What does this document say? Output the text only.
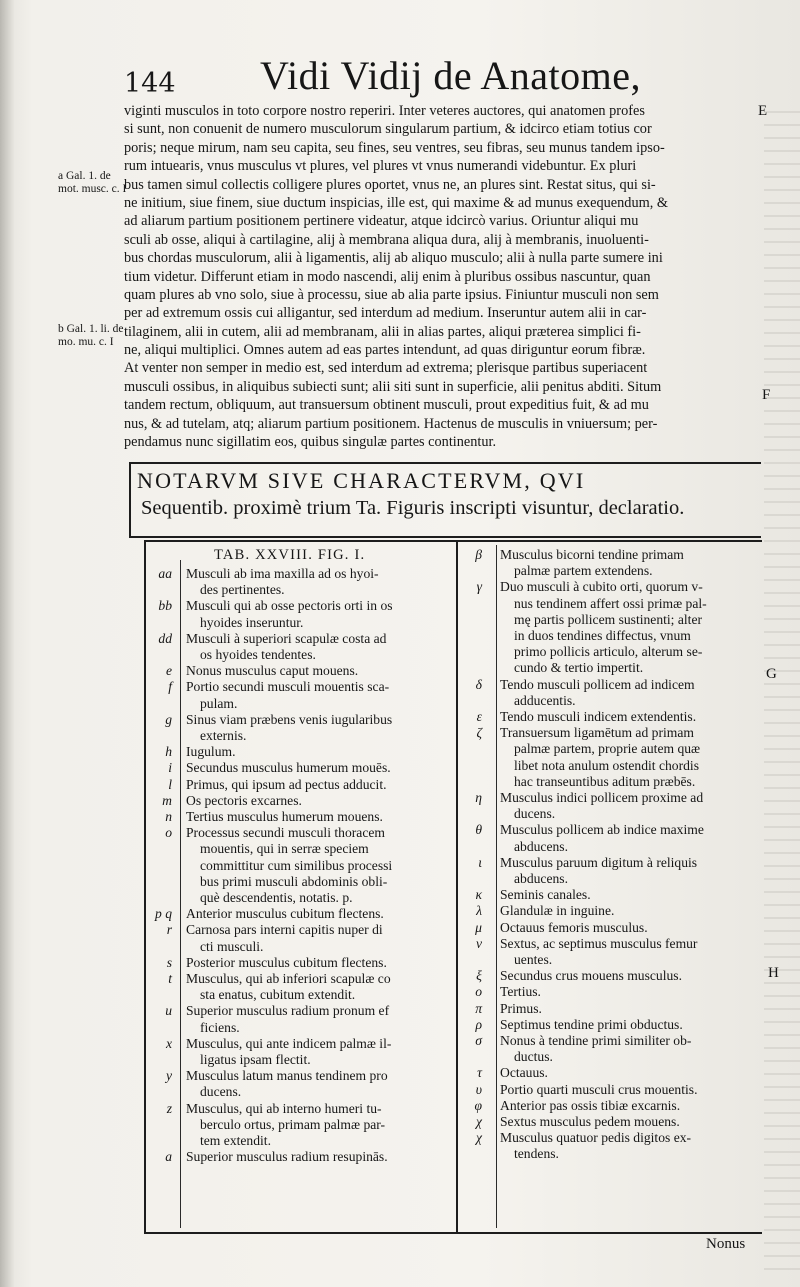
144 Vidi Vidij de Anatome,
a Gal. 1. de mot. musc. c. I
b Gal. 1. li. de mo. mu. c. I
E
F
G
H
viginti musculos in toto corpore nostro reperiri. Inter veteres auctores, qui anatomen profes
si sunt, non conuenit de numero musculorum singularum partium, & idcirco etiam totius cor
poris; neque mirum, nam seu capita, seu fines, seu ventres, seu fibras, seu munus tandem ipso-
rum intuearis, vnus musculus vt plures, vel plures vt vnus numerandi videbuntur. Ex pluri
bus tamen simul collectis colligere plures oportet, vnus ne, an plures sint. Restat situs, qui si-
ne initium, siue finem, siue ductum inspicias, ille est, qui maxime & ad munus exequendum, &
ad aliarum partium positionem pertinere videatur, atque idcircò varius. Oriuntur aliqui mu
sculi ab osse, aliqui à cartilagine, alij à membrana aliqua dura, alij à membranis, inuoluenti-
bus chordas musculorum, alii à ligamentis, alij ab aliquo musculo; alii à nulla parte sumere ini
tium videtur. Differunt etiam in modo nascendi, alij enim à pluribus ossibus nascuntur, quan
quam plures ab vno solo, siue à processu, siue ab alia parte ipsius. Finiuntur musculi non sem
per ad extremum ossis cui alligantur, sed interdum ad medium. Inseruntur autem alii in car-
tilaginem, alii in cutem, alii ad membranam, alii in alias partes, aliqui præterea simplici fi-
ne, aliqui multiplici. Omnes autem ad eas partes intendunt, ad quas diriguntur eorum fibræ.
At venter non semper in medio est, sed interdum ad extrema; plerisque partibus superiacent
musculi ossibus, in aliquibus subiecti sunt; alii siti sunt in superficie, alii penitus abditi. Situm
tandem rectum, obliquum, aut transuersum obtinent musculi, prout expeditius fuit, & ad mu
nus, & ad tutelam, atq; aliarum partium positionem. Hactenus de musculis in vniuersum; per-
pendamus nunc sigillatim eos, quibus singulæ partes continentur.
NOTARVM SIVE CHARACTERVM, QVI
Sequentib. proximè trium Ta. Figuris inscripti visuntur, declaratio.
TAB. XXVIII. FIG. I.
aa Musculi ab ima maxilla ad os hyoi-
des pertinentes.
bb Musculi qui ab osse pectoris orti in os
hyoides inseruntur.
dd Musculi à superiori scapulæ costa ad
os hyoides tendentes.
e Nonus musculus caput mouens.
f Portio secundi musculi mouentis sca-
pulam.
g Sinus viam præbens venis iugularibus
externis.
h Iugulum.
i Secundus musculus humerum mouēs.
l Primus, qui ipsum ad pectus adducit.
m Os pectoris excarnes.
n Tertius musculus humerum mouens.
o Processus secundi musculi thoracem
mouentis, qui in serræ speciem
committitur cum similibus processi
bus primi musculi abdominis obli-
què descendentis, notatis. p.
p q Anterior musculus cubitum flectens.
r Carnosa pars interni capitis nuper di
cti musculi.
s Posterior musculus cubitum flectens.
t Musculus, qui ab inferiori scapulæ co
sta enatus, cubitum extendit.
u Superior musculus radium pronum ef
ficiens.
x Musculus, qui ante indicem palmæ il-
ligatus ipsam flectit.
y Musculus latum manus tendinem pro
ducens.
z Musculus, qui ab interno humeri tu-
berculo ortus, primam palmæ par-
tem extendit.
a Superior musculus radium resupinās.
β Musculus bicorni tendine primam
palmæ partem extendens.
γ Duo musculi à cubito orti, quorum v-
nus tendinem affert ossi primæ pal-
mę partis pollicem sustinenti; alter
in duos tendines diffectus, vnum
primo pollicis articulo, alterum se-
cundo & tertio impertit.
δ Tendo musculi pollicem ad indicem
adducentis.
ε Tendo musculi indicem extendentis.
ζ Transuersum ligamētum ad primam
palmæ partem, proprie autem quæ
libet nota anulum ostendit chordis
hac transeuntibus aditum præbēs.
η Musculus indici pollicem proxime ad
ducens.
θ Musculus pollicem ab indice maxime
abducens.
ι Musculus paruum digitum à reliquis
abducens.
κ Seminis canales.
λ Glandulæ in inguine.
μ Octauus femoris musculus.
ν Sextus, ac septimus musculus femur
uentes.
ξ Secundus crus mouens musculus.
ο Tertius.
π Primus.
ρ Septimus tendine primi obductus.
σ Nonus à tendine primi similiter ob-
ductus.
τ Octauus.
υ Portio quarti musculi crus mouentis.
φ Anterior pas ossis tibiæ excarnis.
χ Sextus musculus pedem mouens.
χ Musculus quatuor pedis digitos ex-
tendens.
Nonus
